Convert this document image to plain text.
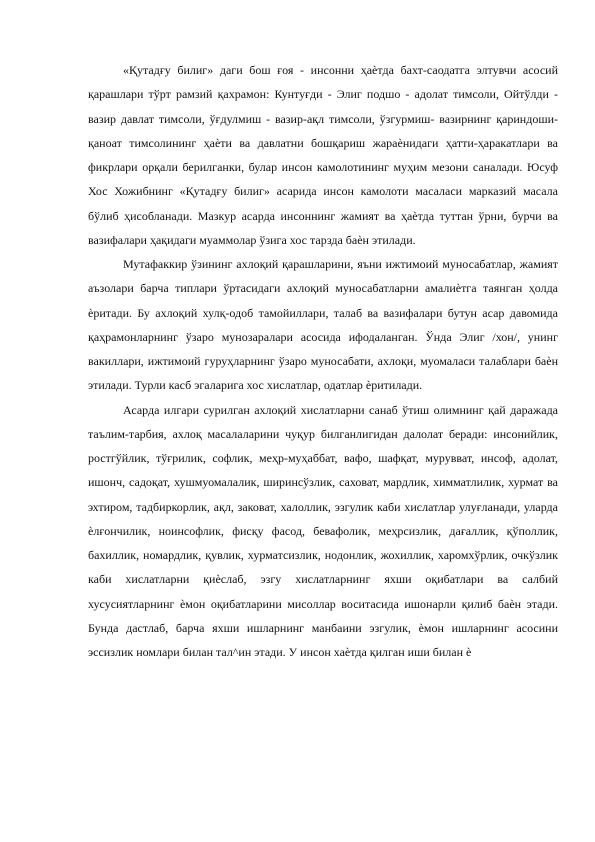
«Қутадғу билиг» даги бош ғоя - инсонни ҳаѐтда бахт-саодатга элтувчи асосий қарашлари тўрт рамзий қахрамон: Кунтуғди - Элиг подшо - адолат тимсоли, Ойтўлди - вазир давлат тимсоли, ўғдулмиш - вазир-ақл тимсоли, ўзгурмиш- вазирнинг қариндоши-қаноат тимсолининг ҳаѐти ва давлатни бошқариш жараѐнидаги ҳатти-ҳаракатлари ва фикрлари орқали берилганки, булар инсон камолотининг муҳим мезони саналади. Юсуф Хос Хожибнинг «Қутадғу билиг» асарида инсон камолоти масаласи марказий масала бўлиб ҳисобланади. Мазкур асарда инсоннинг жамият ва ҳаѐтда туттан ўрни, бурчи ва вазифалари ҳақидаги муаммолар ўзига хос тарзда баѐн этилади.

Мутафаккир ўзининг ахлоқий қарашларини, яъни ижтимоий муносабатлар, жамият аъзолари барча типлари ўртасидаги ахлоқий муносабатларни амалиѐтга таянган ҳолда ѐритади. Бу ахлоқий хулқ-одоб тамойиллари, талаб ва вазифалари бутун асар давомида қаҳрамонларнинг ўзаро мунозаралари асосида ифодаланган. Ўнда Элиг /хон/, унинг вакиллари, ижтимоий гуруҳларнинг ўзаро муносабати, ахлоқи, муомаласи талаблари баѐн этилади. Турли касб эгаларига хос хислатлар, одатлар ѐритилади.

Асарда илгари сурилган ахлоқий хислатларни санаб ўтиш олимнинг қай даражада таълим-тарбия, ахлоқ масалаларини чуқур билганлигидан далолат беради: инсонийлик, ростгўйлик, тўғрилик, софлик, меҳр-муҳаббат, вафо, шафқат, мурувват, инсоф, адолат, ишонч, садоқат, хушмуомалалик, ширинсўзлик, саховат, мардлик, химматлилик, хурмат ва эхтиром, тадбиркорлик, ақл, заковат, халоллик, эзгулик каби хислатлар улуғланади, уларда ѐлғончилик, ноинсофлик, фисқу фасод, бевафолик, меҳрсизлик, дағаллик, қўполлик, бахиллик, номардлик, қувлик, хурматсизлик, нодонлик, жохиллик, харомхўрлик, очкўзлик каби хислатларни қиѐслаб, эзгу хислатларнинг яхши оқибатлари ва салбий хусусиятларнинг ѐмон оқибатларини мисоллар воситасида ишонарли қилиб баѐн этади. Бунда дастлаб, барча яхши ишларнинг манбаини эзгулик, ѐмон ишларнинг асосини эссизлик номлари билан тал^ин этади. У инсон хаѐтда қилган иши билан ѐ
